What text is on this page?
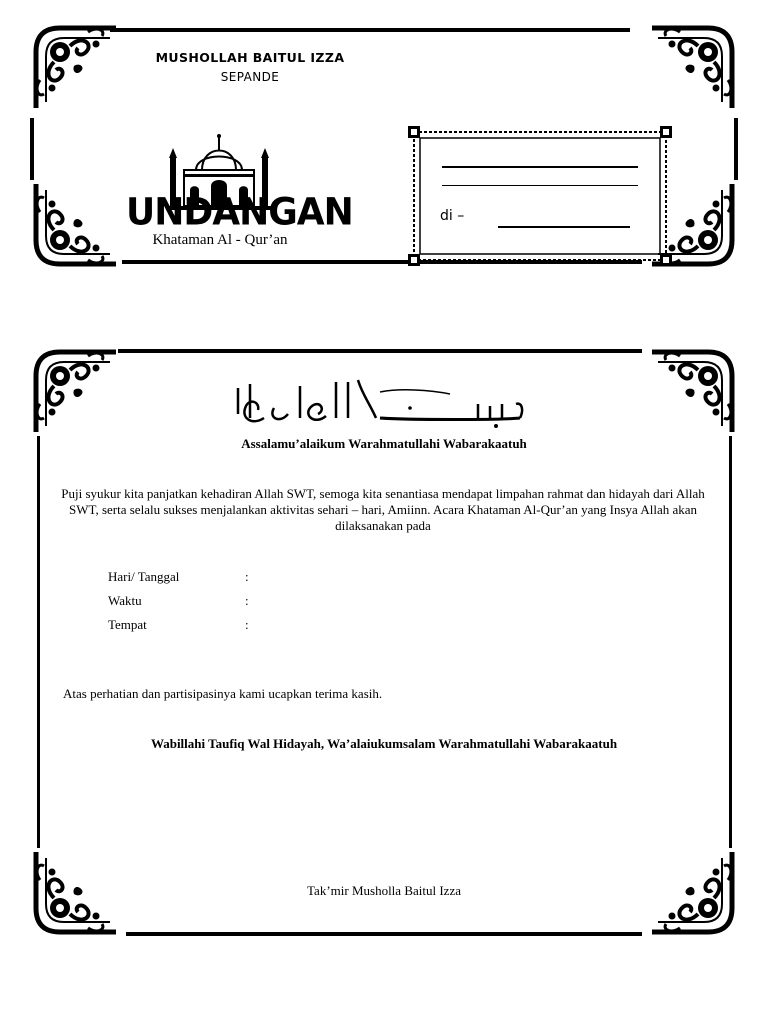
MUSHOLLAH BAITUL IZZA
SEPANDE
UNDANGAN
Khataman Al - Qur’an
di –
Assalamu’alaikum Warahmatullahi Wabarakaatuh
Puji syukur kita panjatkan kehadiran Allah SWT, semoga kita senantiasa mendapat limpahan rahmat dan hidayah dari Allah SWT, serta selalu sukses menjalankan aktivitas sehari – hari, Amiinn. Acara Khataman Al-Qur’an yang Insya Allah akan dilaksanakan pada
Hari/ Tanggal	:
Waktu	:
Tempat	:
Atas perhatian dan partisipasinya kami ucapkan terima kasih.
Wabillahi Taufiq Wal Hidayah, Wa’alaiukumsalam Warahmatullahi Wabarakaatuh
Tak’mir Musholla Baitul Izza
